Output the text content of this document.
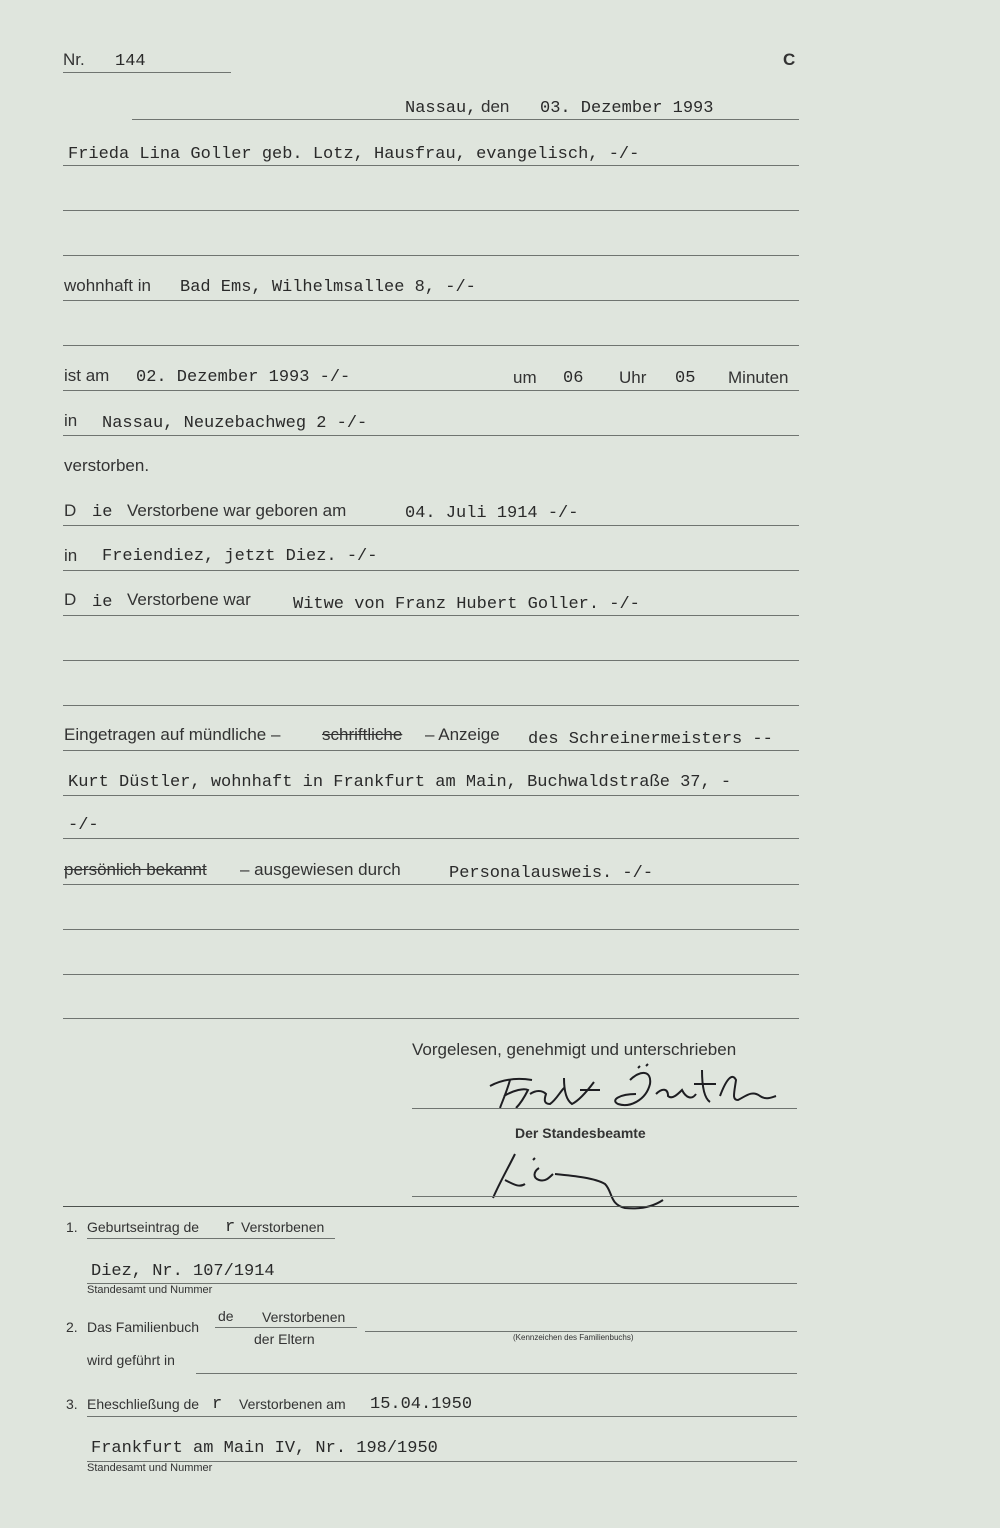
Nr. 144	C
Nassau, den 03. Dezember 1993
Frieda Lina Goller geb. Lotz, Hausfrau, evangelisch, -/-
wohnhaft in Bad Ems, Wilhelmsallee 8, -/-
ist am 02. Dezember 1993 -/-	um 06 Uhr 05 Minuten
in Nassau, Neuzebachweg 2 -/-
verstorben.
D ie Verstorbene war geboren am	04. Juli 1914 -/-
in Freiendiez, jetzt Diez. -/-
D ie Verstorbene war Witwe von Franz Hubert Goller. -/-
Eingetragen auf mündliche – schriftliche – Anzeige des Schreinermeisters --
Kurt Düstler, wohnhaft in Frankfurt am Main, Buchwaldstraße 37, -
-/-
persönlich bekannt – ausgewiesen durch	Personalausweis. -/-
Vorgelesen, genehmigt und unterschrieben
Der Standesbeamte
1. Geburtseintrag de r Verstorbenen
Diez, Nr. 107/1914
Standesamt und Nummer
2. Das Familienbuch
de Verstorbenen
der Eltern	(Kennzeichen des Familienbuchs)
wird geführt in
3. Eheschließung de r Verstorbenen am 15.04.1950
Frankfurt am Main IV, Nr. 198/1950
Standesamt und Nummer
